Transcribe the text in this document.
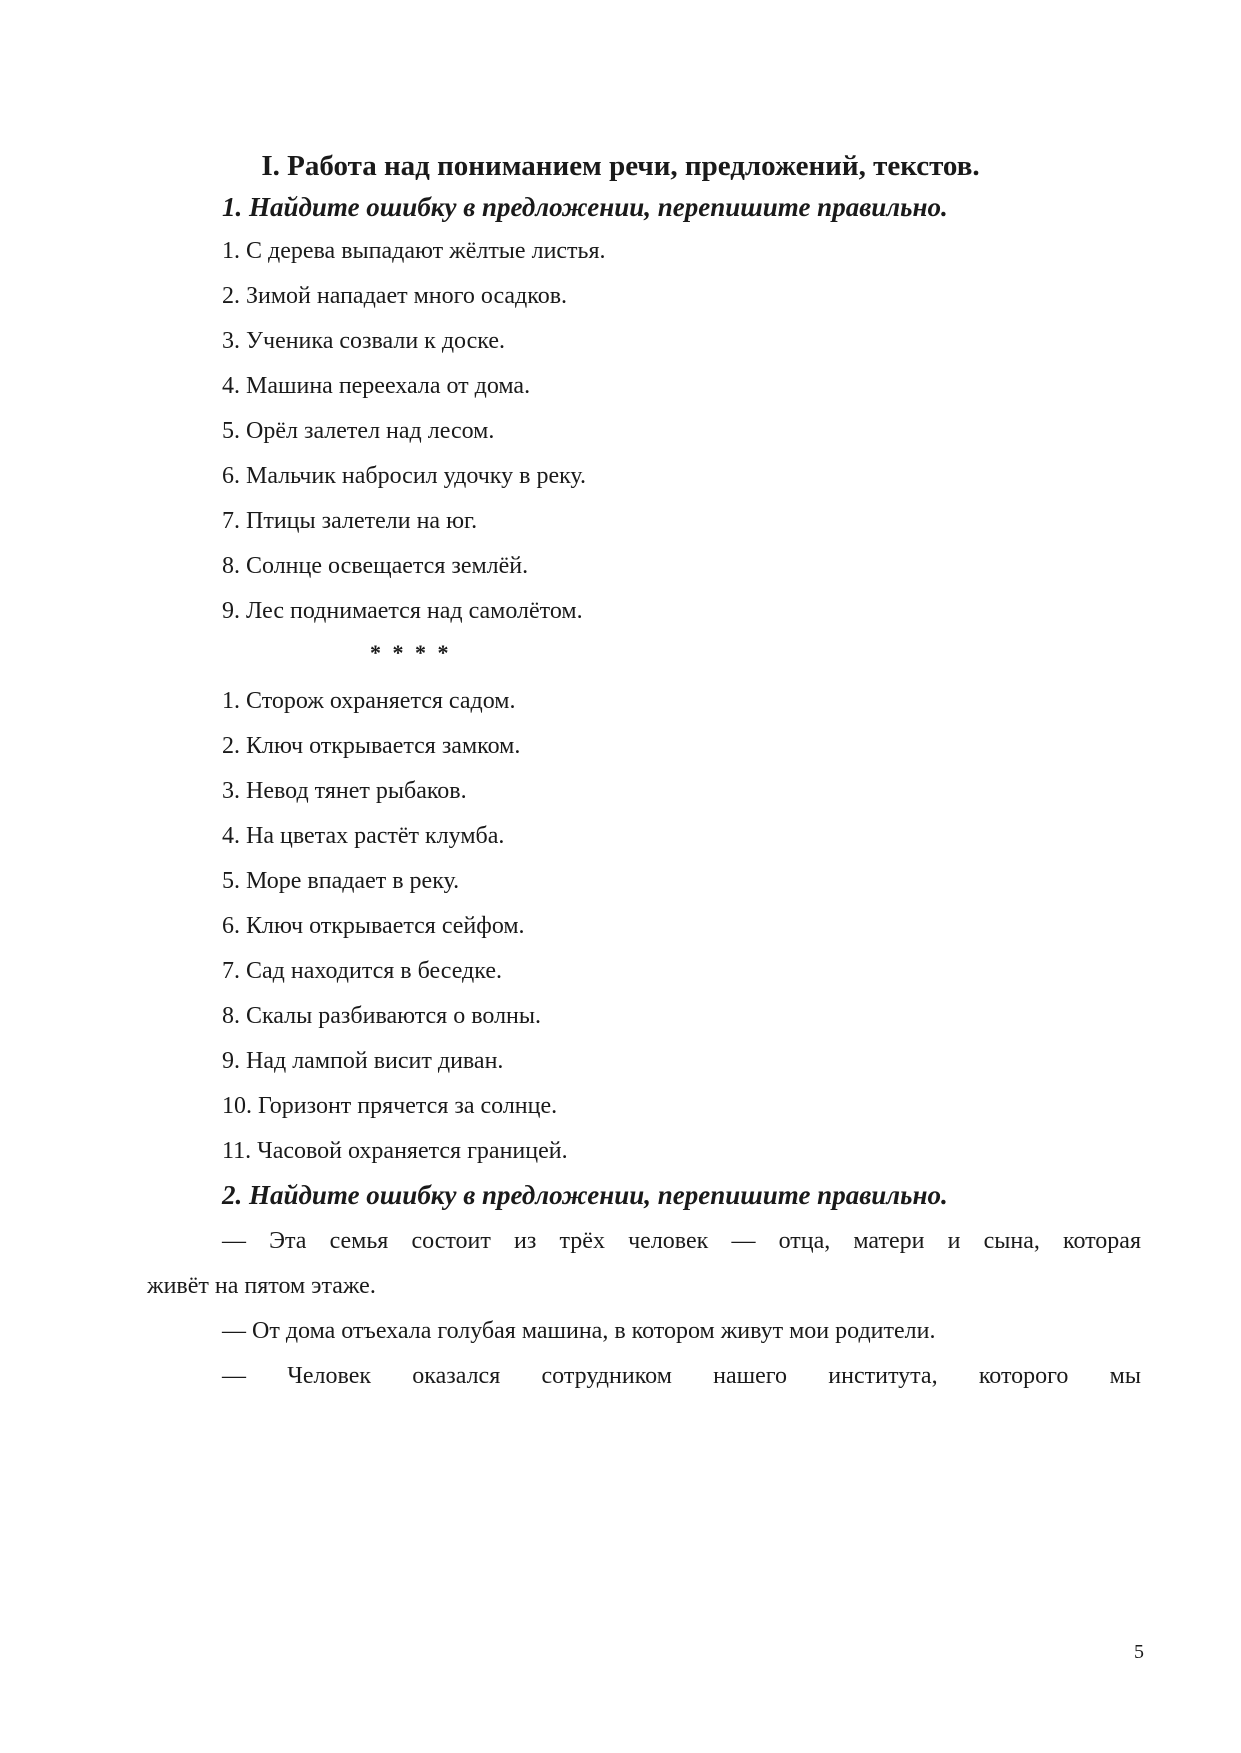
I. Работа над пониманием речи, предложений, текстов.
1. Найдите ошибку в предложении, перепишите правильно.
1. С дерева выпадают жёлтые листья.
2. Зимой нападает много осадков.
3. Ученика созвали к доске.
4. Машина переехала от дома.
5. Орёл залетел над лесом.
6. Мальчик набросил удочку в реку.
7. Птицы залетели на юг.
8. Солнце освещается землёй.
9. Лес поднимается над самолётом.
* * * *
1. Сторож охраняется садом.
2. Ключ открывается замком.
3. Невод тянет рыбаков.
4. На цветах растёт клумба.
5. Море впадает в реку.
6. Ключ открывается сейфом.
7. Сад находится в беседке.
8. Скалы разбиваются о волны.
9. Над лампой висит диван.
10. Горизонт прячется за солнце.
11. Часовой охраняется границей.
2. Найдите ошибку в предложении, перепишите правильно.
— Эта семья состоит из трёх человек — отца, матери и сына, которая
живёт на пятом этаже.
— От дома отъехала голубая машина, в котором живут мои родители.
— Человек оказался сотрудником нашего института, которого мы
5
